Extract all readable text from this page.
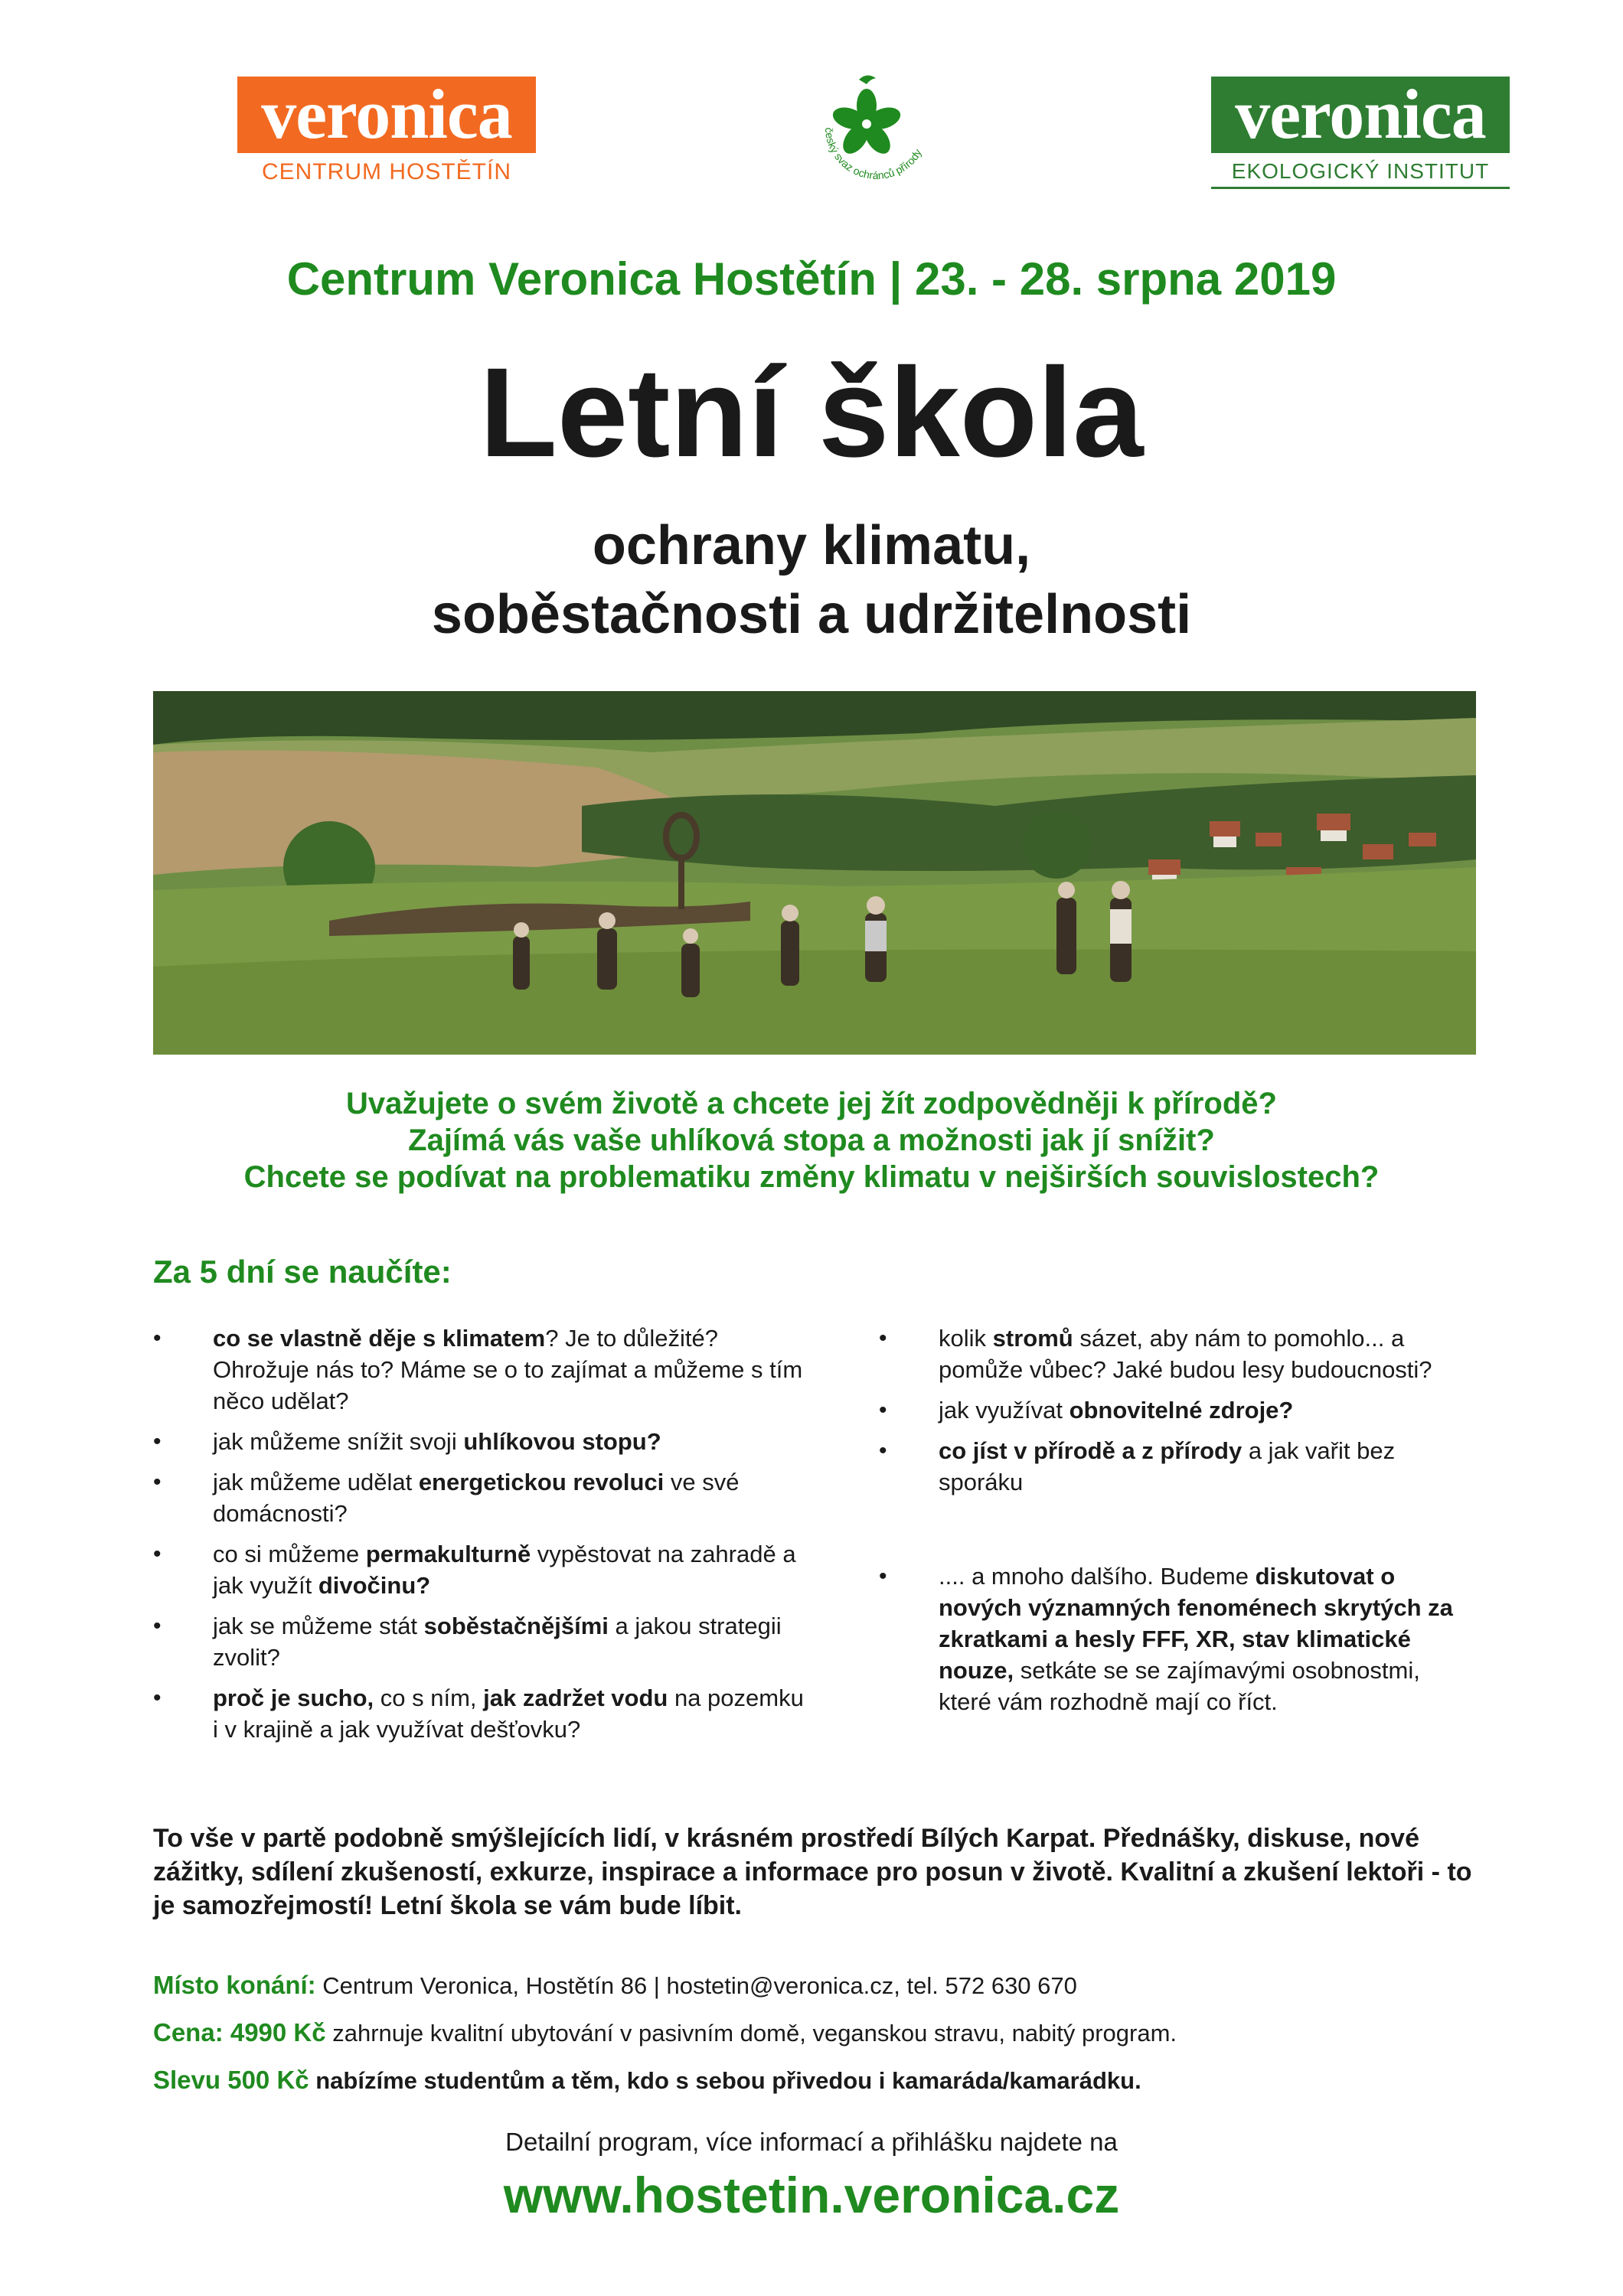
veronica
CENTRUM HOSTĚTÍN
český svaz ochránců přírody	veronica
EKOLOGICKÝ INSTITUT
Centrum Veronica Hostětín | 23. - 28. srpna 2019
Letní škola
ochrany klimatu,
soběstačnosti a udržitelnosti
Uvažujete o svém životě a chcete jej žít zodpovědněji k přírodě?
Zajímá vás vaše uhlíková stopa a možnosti jak jí snížit?
Chcete se podívat na problematiku změny klimatu v nejširších souvislostech?
Za 5 dní se naučíte:
• co se vlastně děje s klimatem? Je to důležité? Ohrožuje nás to? Máme se o to zajímat a můžeme s tím něco udělat?
• jak můžeme snížit svoji uhlíkovou stopu?
• jak můžeme udělat energetickou revoluci ve své domácnosti?
• co si můžeme permakulturně vypěstovat na zahradě a jak využít divočinu?
• jak se můžeme stát soběstačnějšími a jakou strategii zvolit?
• proč je sucho, co s ním, jak zadržet vodu na pozemku i v krajině a jak využívat dešťovku?
• kolik stromů sázet, aby nám to pomohlo... a pomůže vůbec? Jaké budou lesy budoucnosti?
• jak využívat obnovitelné zdroje?
• co jíst v přírodě a z přírody a jak vařit bez sporáku
• .... a mnoho dalšího. Budeme diskutovat o nových významných fenoménech skrytých za zkratkami a hesly FFF, XR, stav klimatické nouze, setkáte se se zajímavými osobnostmi, které vám rozhodně mají co říct.
To vše v partě podobně smýšlejících lidí, v krásném prostředí Bílých Karpat. Přednášky, diskuse, nové zážitky, sdílení zkušeností, exkurze, inspirace a informace pro posun v životě. Kvalitní a zkušení lektoři - to je samozřejmostí! Letní škola se vám bude líbit.
Místo konání: Centrum Veronica, Hostětín 86 | hostetin@veronica.cz, tel. 572 630 670
Cena: 4990 Kč zahrnuje kvalitní ubytování v pasivním domě, veganskou stravu, nabitý program.
Slevu 500 Kč nabízíme studentům a těm, kdo s sebou přivedou i kamaráda/kamarádku.
Detailní program, více informací a přihlášku najdete na
www.hostetin.veronica.cz
